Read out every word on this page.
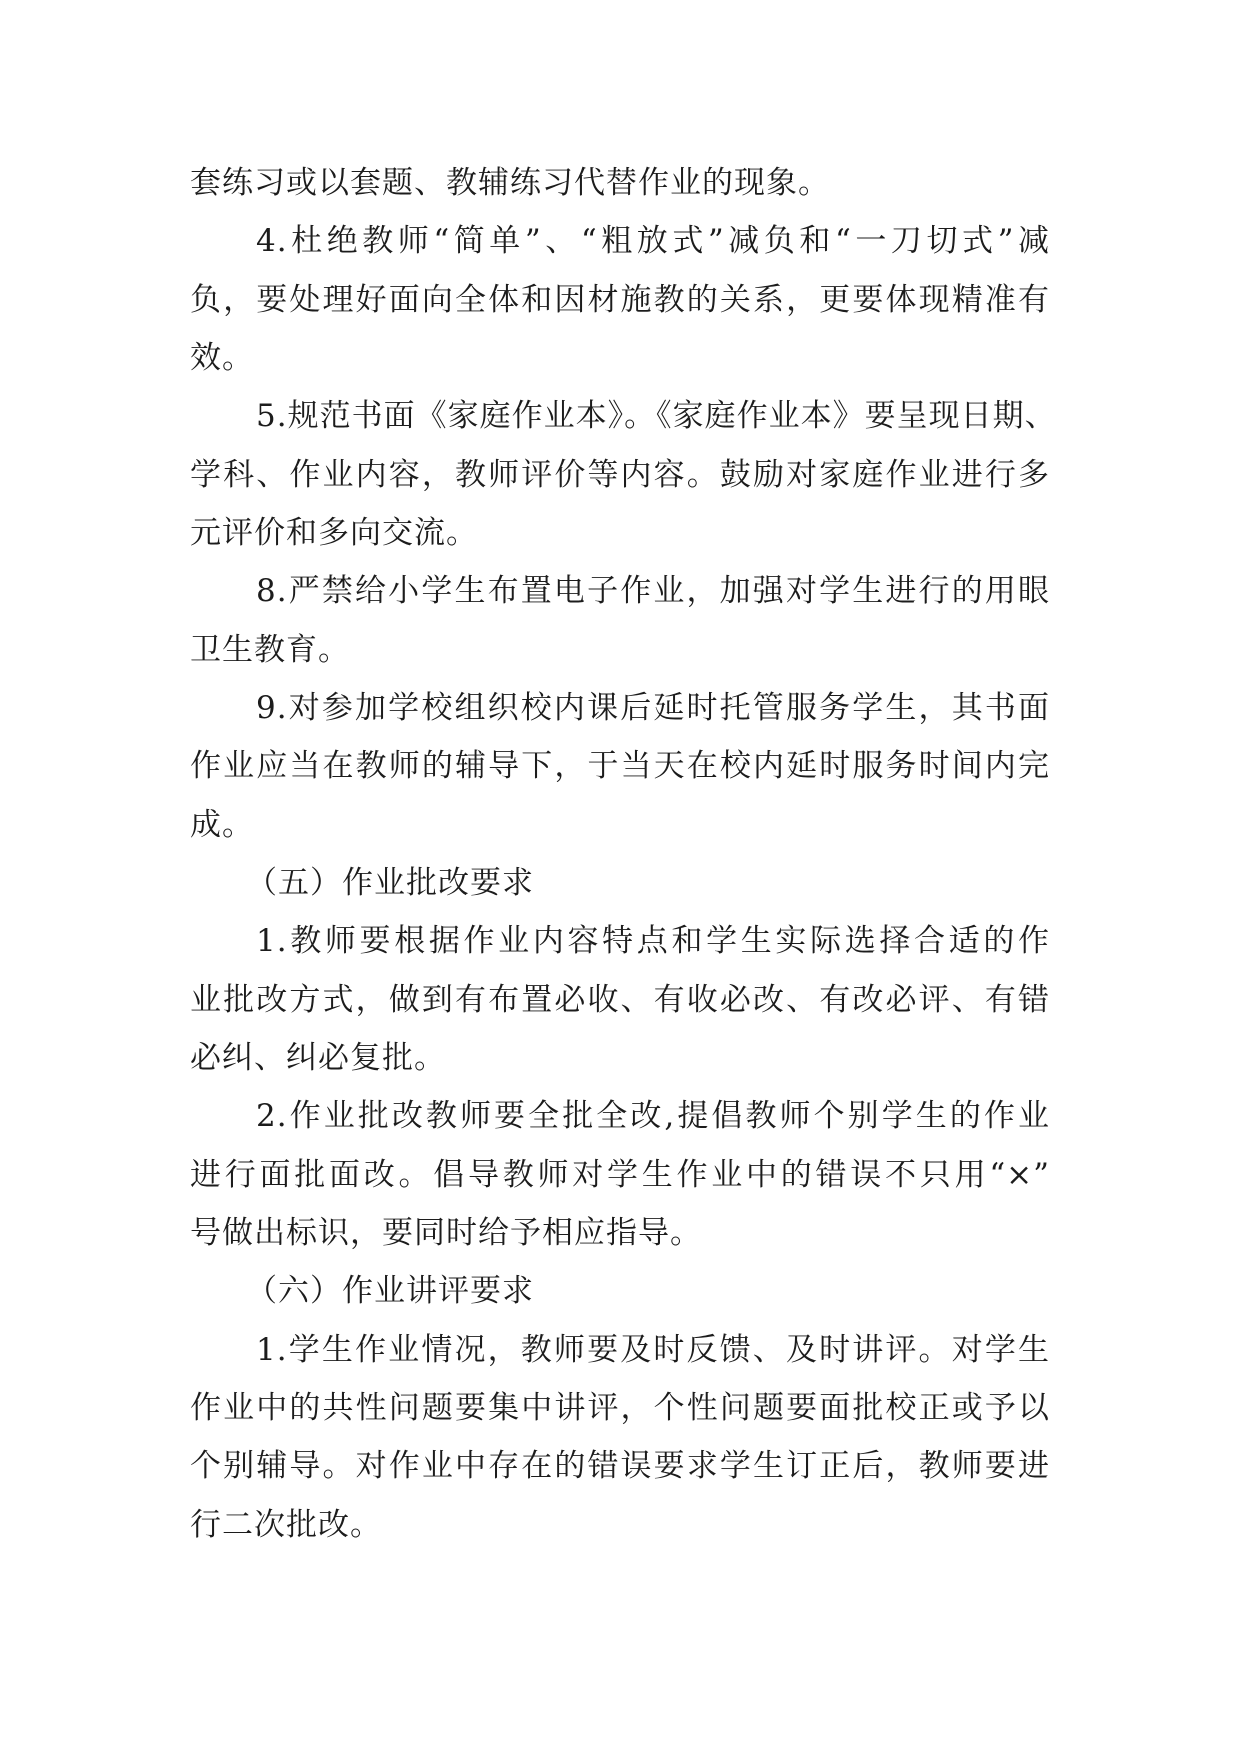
套练习或以套题、教辅练习代替作业的现象。
4.杜绝教师“简单”、“粗放式”减负和“一刀切式”减
负，要处理好面向全体和因材施教的关系，更要体现精准有
效。
5.规范书面《家庭作业本》。《家庭作业本》要呈现日期、
学科、作业内容，教师评价等内容。鼓励对家庭作业进行多
元评价和多向交流。
8.严禁给小学生布置电子作业，加强对学生进行的用眼
卫生教育。
9.对参加学校组织校内课后延时托管服务学生，其书面
作业应当在教师的辅导下，于当天在校内延时服务时间内完
成。
（五）作业批改要求
1.教师要根据作业内容特点和学生实际选择合适的作
业批改方式，做到有布置必收、有收必改、有改必评、有错
必纠、纠必复批。
2.作业批改教师要全批全改,提倡教师个别学生的作业
进行面批面改。倡导教师对学生作业中的错误不只用“×”
号做出标识，要同时给予相应指导。
（六）作业讲评要求
1.学生作业情况，教师要及时反馈、及时讲评。对学生
作业中的共性问题要集中讲评，个性问题要面批校正或予以
个别辅导。对作业中存在的错误要求学生订正后，教师要进
行二次批改。
